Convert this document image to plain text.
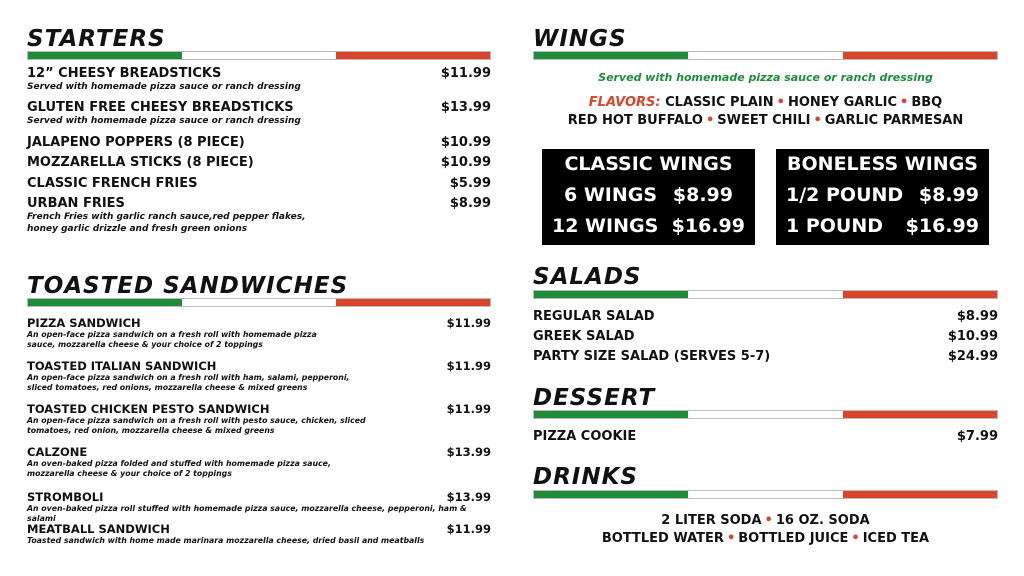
STARTERS
12” CHEESY BREADSTICKS	$11.99
Served with homemade pizza sauce or ranch dressing
GLUTEN FREE CHEESY BREADSTICKS	$13.99
Served with homemade pizza sauce or ranch dressing
JALAPENO POPPERS (8 PIECE)	$10.99
MOZZARELLA STICKS (8 PIECE)	$10.99
CLASSIC FRENCH FRIES	$5.99
URBAN FRIES	$8.99
French Fries with garlic ranch sauce,red pepper flakes,
honey garlic drizzle and fresh green onions
TOASTED SANDWICHES
PIZZA SANDWICH	$11.99
An open-face pizza sandwich on a fresh roll with homemade pizza
sauce, mozzarella cheese & your choice of 2 toppings
TOASTED ITALIAN SANDWICH	$11.99
An open-face pizza sandwich on a fresh roll with ham, salami, pepperoni,
sliced tomatoes, red onions, mozzarella cheese & mixed greens
TOASTED CHICKEN PESTO SANDWICH	$11.99
An open-face pizza sandwich on a fresh roll with pesto sauce, chicken, sliced
tomatoes, red onion, mozzarella cheese & mixed greens
CALZONE	$13.99
An oven-baked pizza folded and stuffed with homemade pizza sauce,
mozzarella cheese & your choice of 2 toppings
STROMBOLI	$13.99
An oven-baked pizza roll stuffed with homemade pizza sauce, mozzarella cheese, pepperoni, ham & salami
MEATBALL SANDWICH	$11.99
Toasted sandwich with home made marinara mozzarella cheese, dried basil and meatballs
WINGS
Served with homemade pizza sauce or ranch dressing
FLAVORS: CLASSIC PLAIN • HONEY GARLIC • BBQ
RED HOT BUFFALO • SWEET CHILI • GARLIC PARMESAN
CLASSIC WINGS
6 WINGS $8.99
12 WINGS $16.99
BONELESS WINGS
1/2 POUND $8.99
1 POUND $16.99
SALADS
REGULAR SALAD	$8.99
GREEK SALAD	$10.99
PARTY SIZE SALAD (SERVES 5-7)	$24.99
DESSERT
PIZZA COOKIE	$7.99
DRINKS
2 LITER SODA • 16 OZ. SODA
BOTTLED WATER • BOTTLED JUICE • ICED TEA
